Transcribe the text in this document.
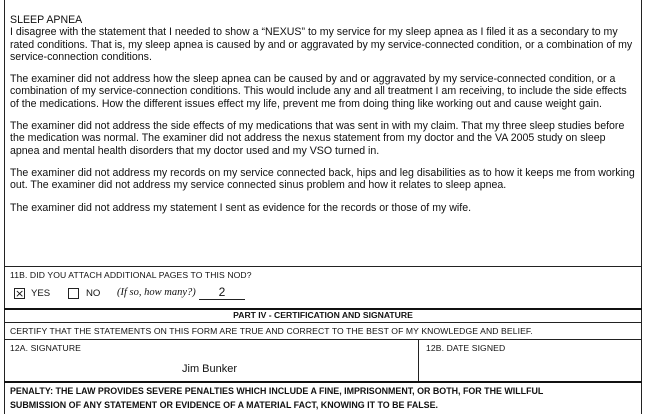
SLEEP APNEA

I disagree with the statement that I needed to show a “NEXUS” to my service for my sleep apnea as I filed it as a secondary to my rated conditions. That is, my sleep apnea is caused by and or aggravated by my service-connected condition, or a combination of my service-connection conditions.

The examiner did not address how the sleep apnea can be caused by and or aggravated by my service-connected condition, or a combination of my service-connection conditions. This would include any and all treatment I am receiving, to include the side effects of the medications. How the different issues effect my life, prevent me from doing thing like working out and cause weight gain.

The examiner did not address the side effects of my medications that was sent in with my claim. That my three sleep studies before the medication was normal. The examiner did not address the nexus statement from my doctor and the VA 2005 study on sleep apnea and mental health disorders that my doctor used and my VSO turned in.

The examiner did not address my records on my service connected back, hips and leg disabilities as to how it keeps me from working out. The examiner did not address my service connected sinus problem and how it relates to sleep apnea.

The examiner did not address my statement I sent as evidence for the records or those of my wife.

11B. DID YOU ATTACH ADDITIONAL PAGES TO THIS NOD?
× YES	NO (If so, how many?)	2
PART IV - CERTIFICATION AND SIGNATURE
CERTIFY THAT THE STATEMENTS ON THIS FORM ARE TRUE AND CORRECT TO THE BEST OF MY KNOWLEDGE AND BELIEF.
12A. SIGNATURE
Jim Bunker
12B. DATE SIGNED
PENALTY: THE LAW PROVIDES SEVERE PENALTIES WHICH INCLUDE A FINE, IMPRISONMENT, OR BOTH, FOR THE WILLFUL
SUBMISSION OF ANY STATEMENT OR EVIDENCE OF A MATERIAL FACT, KNOWING IT TO BE FALSE.
